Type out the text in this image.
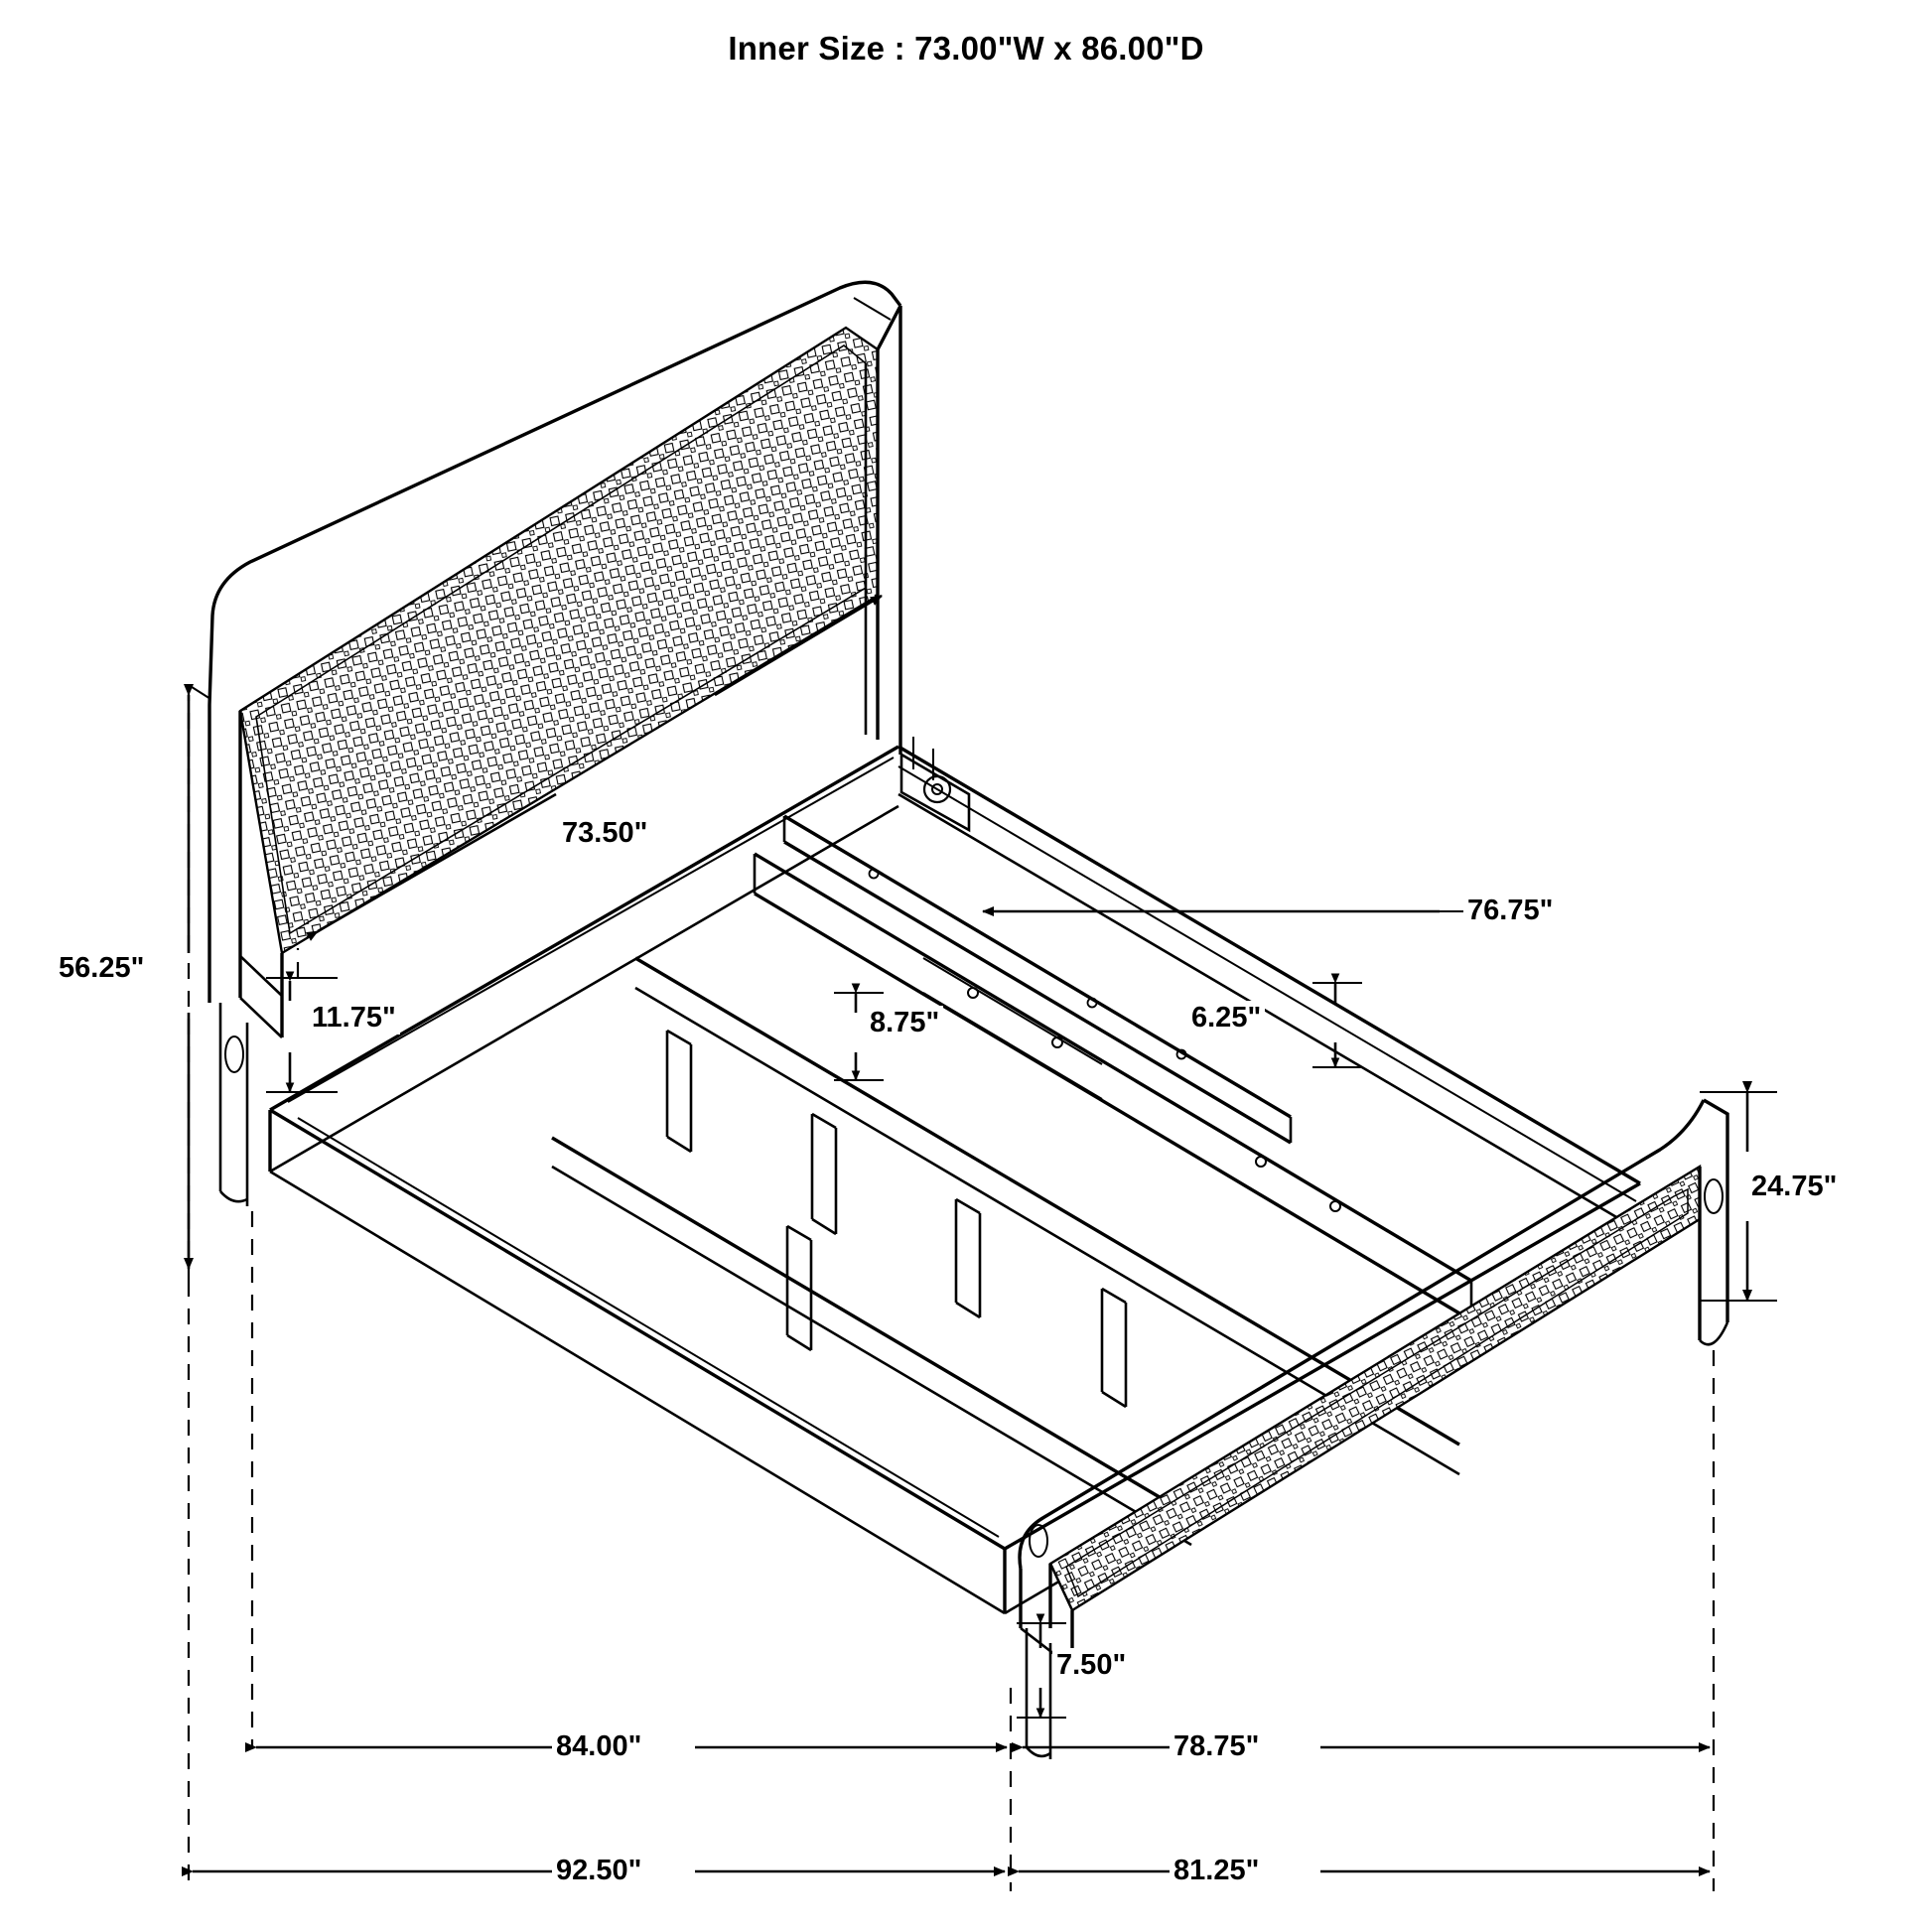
Inner Size : 73.00"W x 86.00"D
56.25"
73.50"
11.75"	8.75"	6.25"
76.75"
24.75"
7.50"
84.00"	78.75"
92.50"	81.25"
